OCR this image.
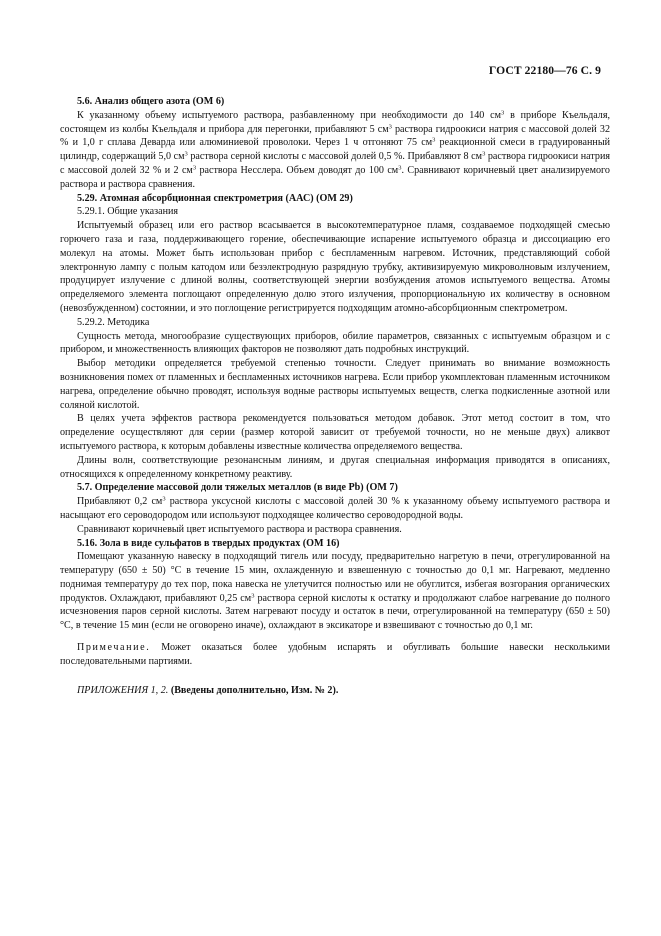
ГОСТ 22180—76 С. 9

5.6. Анализ общего азота (ОМ 6)

К указанному объему испытуемого раствора, разбавленному при необходимости до 140 $см^3$ в приборе Къельдаля, состоящем из колбы Къельдаля и прибора для перегонки, прибавляют 5 $см^3$ раствора гидроокиси натрия с массовой долей 32 % и 1,0 г сплава Деварда или алюминиевой проволоки. Через 1 ч отгоняют 75 $см^3$ реакционной смеси в градуированный цилиндр, содержащий 5,0 $см^3$ раствора серной кислоты с массовой долей 0,5 %. Прибавляют 8 $см^3$ раствора гидроокиси натрия с массовой долей 32 % и 2 $см^3$ раствора Несслера. Объем доводят до 100 $см^3$. Сравнивают коричневый цвет анализируемого раствора и раствора сравнения.

5.29. Атомная абсорбционная спектрометрия (ААС) (ОМ 29)

5.29.1. Общие указания

Испытуемый образец или его раствор всасывается в высокотемпературное пламя, создаваемое подходящей смесью горючего газа и газа, поддерживающего горение, обеспечивающие испарение испытуемого образца и диссоциацию его молекул на атомы. Может быть использован прибор с беспламенным нагревом. Источник, представляющий собой электронную лампу с полым катодом или безэлектродную разрядную трубку, активизируемую микроволновым излучением, продуцирует излучение с длиной волны, соответствующей энергии возбуждения атомов испытуемого вещества. Атомы определяемого элемента поглощают определенную долю этого излучения, пропорциональную их количеству в основном (невозбужденном) состоянии, и это поглощение регистрируется подходящим атомно-абсорбционным спектрометром.

5.29.2. Методика

Сущность метода, многообразие существующих приборов, обилие параметров, связанных с испытуемым образцом и с прибором, и множественность влияющих факторов не позволяют дать подробных инструкций.

Выбор методики определяется требуемой степенью точности. Следует принимать во внимание возможность возникновения помех от пламенных и беспламенных источников нагрева. Если прибор укомплектован пламенным источником нагрева, определение обычно проводят, используя водные растворы испытуемых веществ, слегка подкисленные азотной или соляной кислотой.

В целях учета эффектов раствора рекомендуется пользоваться методом добавок. Этот метод состоит в том, что определение осуществляют для серии (размер которой зависит от требуемой точности, но не меньше двух) аликвот испытуемого раствора, к которым добавлены известные количества определяемого вещества.

Длины волн, соответствующие резонансным линиям, и другая специальная информация приводятся в описаниях, относящихся к определенному конкретному реактиву.

5.7. Определение массовой доли тяжелых металлов (в виде Pb) (ОМ 7)

Прибавляют 0,2 $см^3$ раствора уксусной кислоты с массовой долей 30 % к указанному объему испытуемого раствора и насыщают его сероводородом или используют подходящее количество сероводородной воды.

Сравнивают коричневый цвет испытуемого раствора и раствора сравнения.

5.16. Зола в виде сульфатов в твердых продуктах (ОМ 16)

Помещают указанную навеску в подходящий тигель или посуду, предварительно нагретую в печи, отрегулированной на температуру (650 ± 50) °С в течение 15 мин, охлажденную и взвешенную с точностью до 0,1 мг. Нагревают, медленно поднимая температуру до тех пор, пока навеска не улетучится полностью или не обуглится, избегая возгорания органических продуктов. Охлаждают, прибавляют 0,25 $см^3$ раствора серной кислоты к остатку и продолжают слабое нагревание до полного исчезновения паров серной кислоты. Затем нагревают посуду и остаток в печи, отрегулированной на температуру (650 ± 50) °С, в течение 15 мин (если не оговорено иначе), охлаждают в эксикаторе и взвешивают с точностью до 0,1 мг.

Примечание. Может оказаться более удобным испарять и обугливать большие навески несколькими последовательными партиями.

ПРИЛОЖЕНИЯ 1, 2. (Введены дополнительно, Изм. № 2).
